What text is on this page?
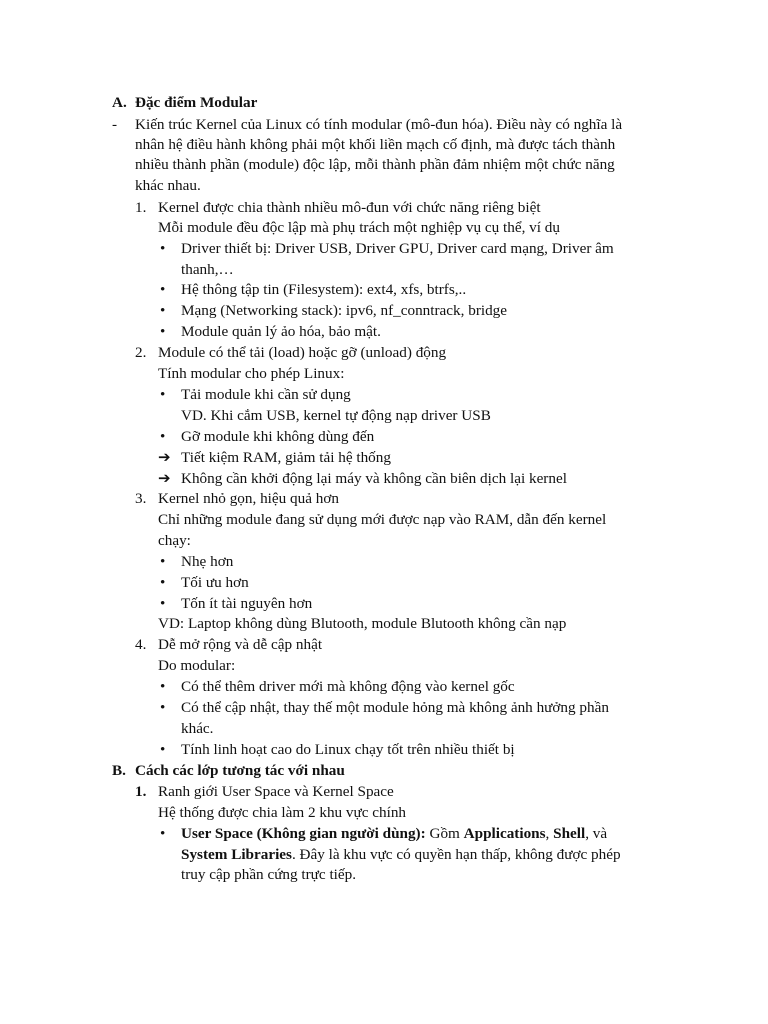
A. Đặc điểm Modular
- Kiến trúc Kernel của Linux có tính modular (mô-đun hóa). Điều này có nghĩa là
nhân hệ điều hành không phải một khối liền mạch cố định, mà được tách thành
nhiều thành phần (module) độc lập, mỗi thành phần đảm nhiệm một chức năng
khác nhau.
1. Kernel được chia thành nhiều mô-đun với chức năng riêng biệt
Mỗi module đều độc lập mà phụ trách một nghiệp vụ cụ thể, ví dụ
• Driver thiết bị: Driver USB, Driver GPU, Driver card mạng, Driver âm
thanh,…
• Hệ thông tập tin (Filesystem): ext4, xfs, btrfs,..
• Mạng (Networking stack): ipv6, nf_conntrack, bridge
• Module quản lý ảo hóa, bảo mật.
2. Module có thể tải (load) hoặc gỡ (unload) động
Tính modular cho phép Linux:
• Tải module khi cần sử dụng
VD. Khi cắm USB, kernel tự động nạp driver USB
• Gỡ module khi không dùng đến
➔ Tiết kiệm RAM, giảm tải hệ thống
➔ Không cần khởi động lại máy và không cần biên dịch lại kernel
3. Kernel nhỏ gọn, hiệu quả hơn
Chỉ những module đang sử dụng mới được nạp vào RAM, dẫn đến kernel
chạy:
• Nhẹ hơn
• Tối ưu hơn
• Tốn ít tài nguyên hơn
VD: Laptop không dùng Blutooth, module Blutooth không cần nạp
4. Dễ mở rộng và dễ cập nhật
Do modular:
• Có thể thêm driver mới mà không động vào kernel gốc
• Có thể cập nhật, thay thế một module hỏng mà không ảnh hưởng phần
khác.
• Tính linh hoạt cao do Linux chạy tốt trên nhiều thiết bị
B. Cách các lớp tương tác với nhau
1. Ranh giới User Space và Kernel Space
Hệ thống được chia làm 2 khu vực chính
• User Space (Không gian người dùng): Gồm Applications, Shell, và
System Libraries. Đây là khu vực có quyền hạn thấp, không được phép
truy cập phần cứng trực tiếp.
